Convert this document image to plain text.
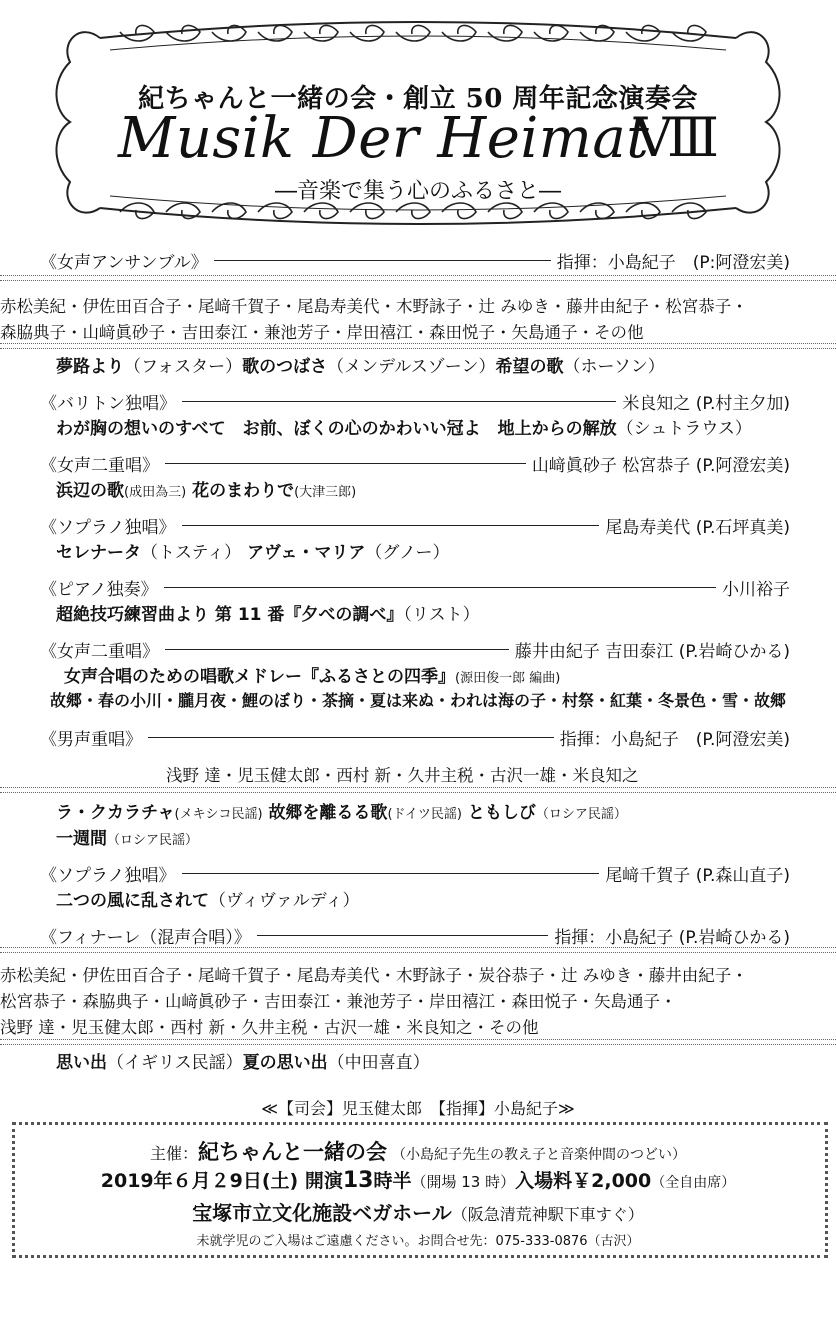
紀ちゃんと一緒の会・創立 50 周年記念演奏会
Musik Der Heimat
Ⅷ
―音楽で集う心のふるさと―
《女声アンサンブル》	指揮：小島紀子　(P:阿澄宏美)
赤松美紀・伊佐田百合子・尾﨑千賀子・尾島寿美代・木野詠子・辻 みゆき・藤井由紀子・松宮恭子・
森脇典子・山﨑眞砂子・吉田泰江・兼池芳子・岸田禧江・森田悦子・矢島通子・その他
夢路より（フォスター）歌のつばさ（メンデルスゾーン）希望の歌（ホーソン）
《バリトン独唱》	米良知之 (P.村主夕加)
わが胸の想いのすべて　お前、ぼくの心のかわいい冠よ　地上からの解放（シュトラウス）
《女声二重唱》	山﨑眞砂子 松宮恭子 (P.阿澄宏美)
浜辺の歌(成田為三) 花のまわりで(大津三郎)
《ソプラノ独唱》	尾島寿美代 (P.石坪真美)
セレナータ（トスティ） アヴェ・マリア（グノー）
《ピアノ独奏》	小川裕子
超絶技巧練習曲より 第 11 番『夕べの調べ』（リスト）
《女声二重唱》	藤井由紀子 吉田泰江 (P.岩崎ひかる)
女声合唱のための唱歌メドレー『ふるさとの四季』(源田俊一郎 編曲)
故郷・春の小川・朧月夜・鯉のぼり・茶摘・夏は来ぬ・われは海の子・村祭・紅葉・冬景色・雪・故郷
《男声重唱》	指揮：小島紀子　(P.阿澄宏美)
浅野 達・児玉健太郎・西村 新・久井主税・古沢一雄・米良知之
ラ・クカラチャ(メキシコ民謡) 故郷を離るる歌(ドイツ民謡) ともしび（ロシア民謡）
一週間（ロシア民謡）
《ソプラノ独唱》	尾﨑千賀子 (P.森山直子)
二つの風に乱されて（ヴィヴァルディ）
《フィナーレ（混声合唱）》	指揮：小島紀子 (P.岩崎ひかる)
赤松美紀・伊佐田百合子・尾﨑千賀子・尾島寿美代・木野詠子・炭谷恭子・辻 みゆき・藤井由紀子・
松宮恭子・森脇典子・山﨑眞砂子・吉田泰江・兼池芳子・岸田禧江・森田悦子・矢島通子・
浅野 達・児玉健太郎・西村 新・久井主税・古沢一雄・米良知之・その他
思い出（イギリス民謡）夏の思い出（中田喜直）
≪【司会】児玉健太郎　【指揮】小島紀子≫
主催：紀ちゃんと一緒の会 （小島紀子先生の教え子と音楽仲間のつどい）
2019年６月２9日(土) 開演13時半（開場 13 時）入場料￥2,000（全自由席）
宝塚市立文化施設ベガホール（阪急清荒神駅下車すぐ）
未就学児のご入場はご遠慮ください。お問合せ先：075-333-0876（古沢）
